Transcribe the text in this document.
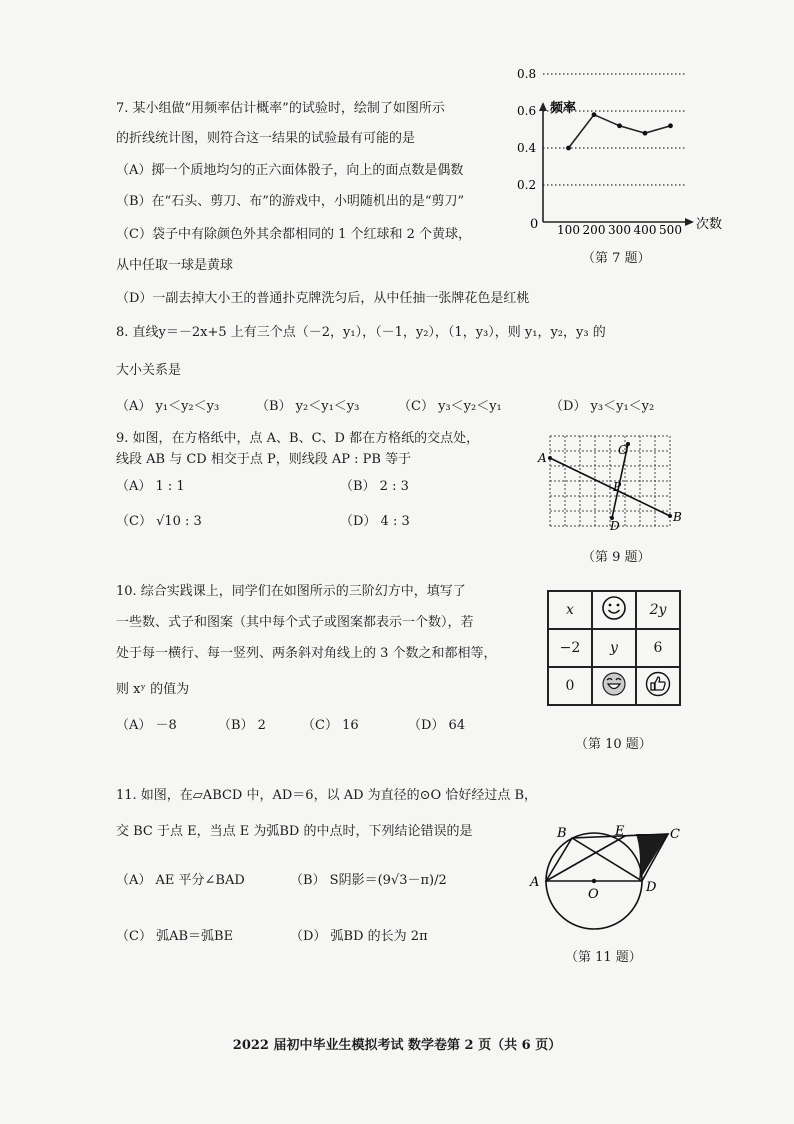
7. 某小组做“用频率估计概率”的试验时，绘制了如图所示
的折线统计图，则符合这一结果的试验最有可能的是
（A）掷一个质地均匀的正六面体骰子，向上的面点数是偶数
（B）在“石头、剪刀、布”的游戏中，小明随机出的是“剪刀”
（C）袋子中有除颜色外其余都相同的 1 个红球和 2 个黄球，
从中任取一球是黄球
（D）一副去掉大小王的普通扑克牌洗匀后，从中任抽一张牌花色是红桃
频率
次数
0
0.2
0.4
0.6
0.8
100 200 300 400 500
（第 7 题）
8. 直线y＝－2x+5 上有三个点（－2，y₁），（－1，y₂），（1，y₃），则 y₁，y₂，y₃ 的
大小关系是
（A） y₁＜y₂＜y₃	（B） y₂＜y₁＜y₃	（C） y₃＜y₂＜y₁	（D） y₃＜y₁＜y₂
9. 如图，在方格纸中，点 A、B、C、D 都在方格纸的交点处，
线段 AB 与 CD 相交于点 P，则线段 AP : PB 等于
（A） 1 : 1	（B） 2 : 3
（C） √10 : 3	（D） 4 : 3
A
B
C
D
P
（第 9 题）
10. 综合实践课上，同学们在如图所示的三阶幻方中，填写了
一些数、式子和图案（其中每个式子或图案都表示一个数），若
处于每一横行、每一竖列、两条斜对角线上的 3 个数之和都相等，
则 xʸ 的值为
（A） －8	（B） 2	（C） 16	（D） 64
x		2y
−2	y	6
0		
（第 10 题）
11. 如图，在▱ABCD 中，AD＝6，以 AD 为直径的⊙O 恰好经过点 B，
交 BC 于点 E，当点 E 为弧BD 的中点时，下列结论错误的是
（A） AE 平分∠BAD	（B） S阴影＝(9√3－π)/2
（C） 弧AB＝弧BE	（D） 弧BD 的长为 2π
A
B	C
D
E
O
（第 11 题）
2022 届初中毕业生模拟考试 数学卷第 2 页（共 6 页）
